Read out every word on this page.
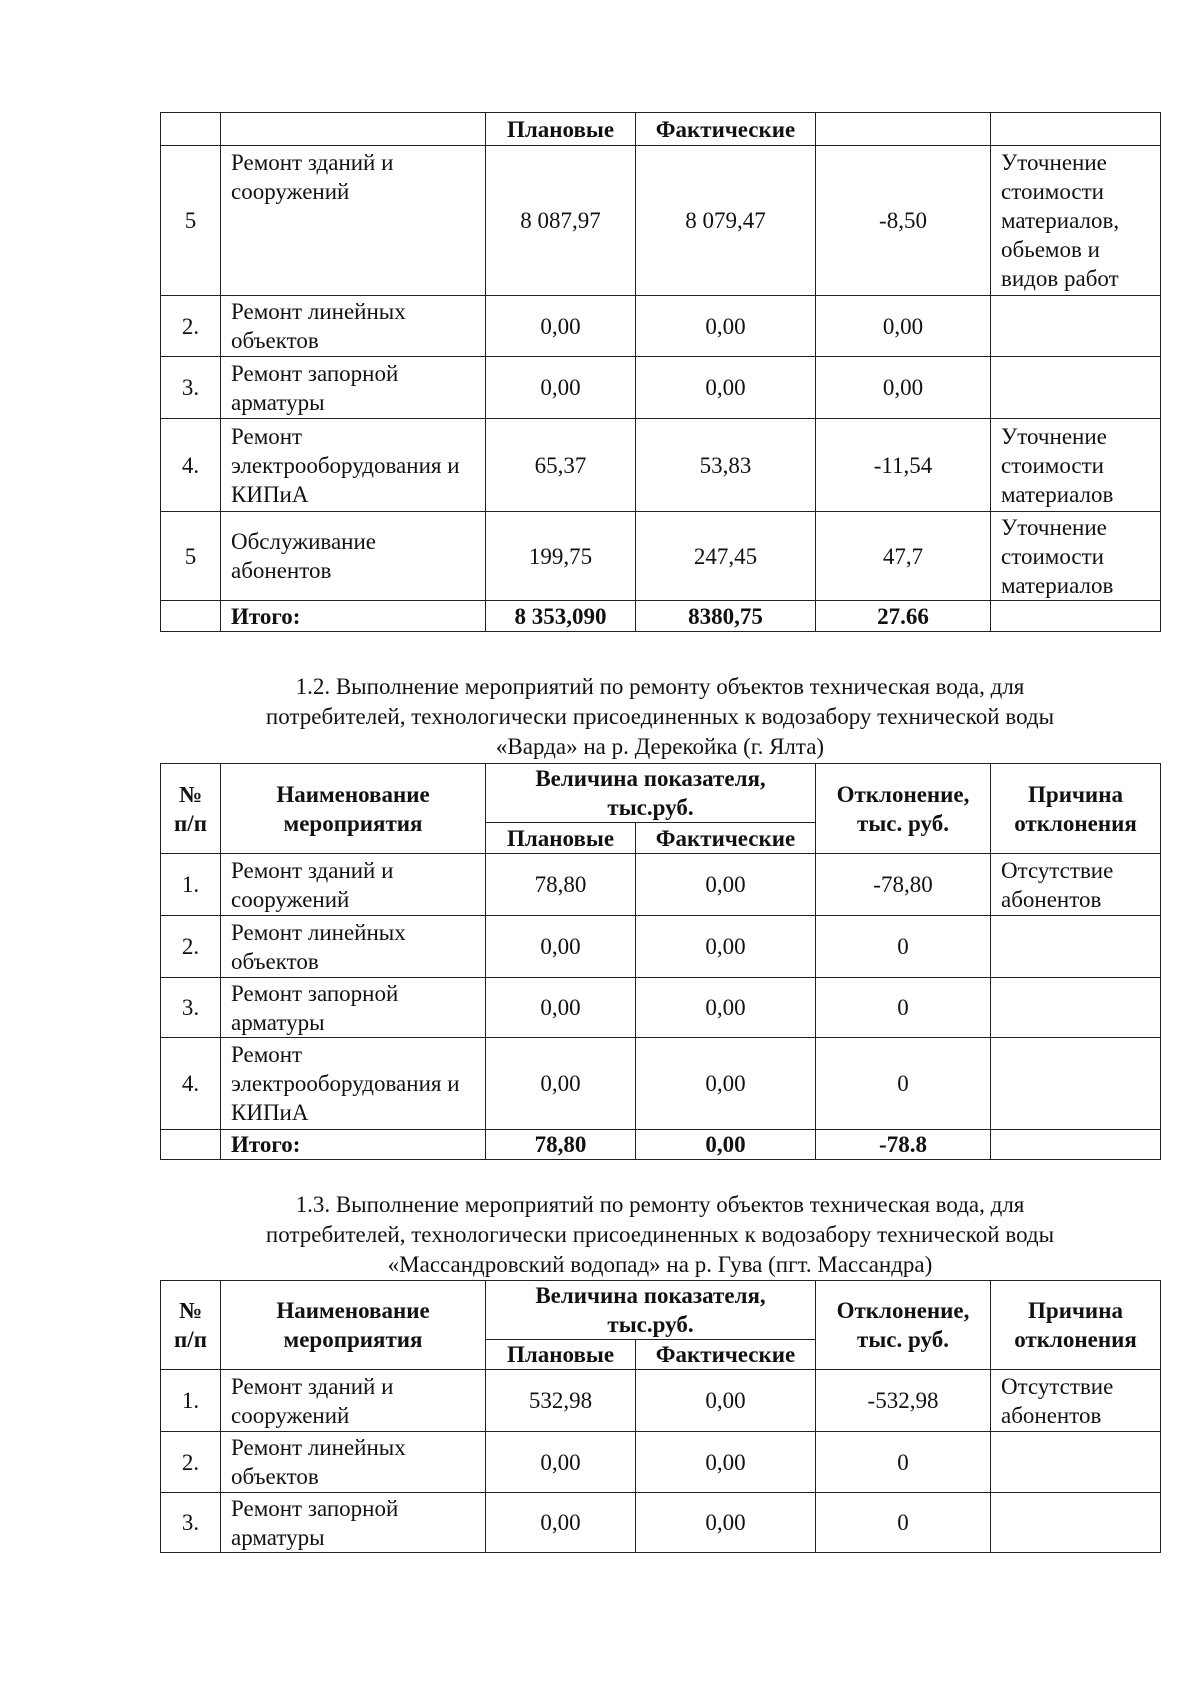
		Плановые	Фактические		
5	Ремонт зданий и сооружений	8 087,97	8 079,47	-8,50	Уточнение стоимости материалов, обьемов и видов работ
2.	Ремонт линейных объектов	0,00	0,00	0,00	
3.	Ремонт запорной арматуры	0,00	0,00	0,00	
4.	Ремонт электрооборудования и КИПиА	65,37	53,83	-11,54	Уточнение стоимости материалов
5	Обслуживание абонентов	199,75	247,45	47,7	Уточнение стоимости материалов
	Итого:	8 353,090	8380,75	27.66	
1.2. Выполнение мероприятий по ремонту объектов техническая вода, для
потребителей, технологически присоединенных к водозабору технической воды
«Варда» на р. Дерекойка (г. Ялта)
№ п/п	Наименование мероприятия	Величина показателя, тыс.руб.		Отклонение, тыс. руб.	Причина отклонения
		Плановые	Фактические		
1.	Ремонт зданий и сооружений	78,80	0,00	-78,80	Отсутствие абонентов
2.	Ремонт линейных объектов	0,00	0,00	0	
3.	Ремонт запорной арматуры	0,00	0,00	0	
4.	Ремонт электрооборудования и КИПиА	0,00	0,00	0	
	Итого:	78,80	0,00	-78.8	
1.3. Выполнение мероприятий по ремонту объектов техническая вода, для
потребителей, технологически присоединенных к водозабору технической воды
«Массандровский водопад» на р. Гува (пгт. Массандра)
№ п/п	Наименование мероприятия	Величина показателя, тыс.руб.		Отклонение, тыс. руб.	Причина отклонения
		Плановые	Фактические		
1.	Ремонт зданий и сооружений	532,98	0,00	-532,98	Отсутствие абонентов
2.	Ремонт линейных объектов	0,00	0,00	0	
3.	Ремонт запорной арматуры	0,00	0,00	0	
